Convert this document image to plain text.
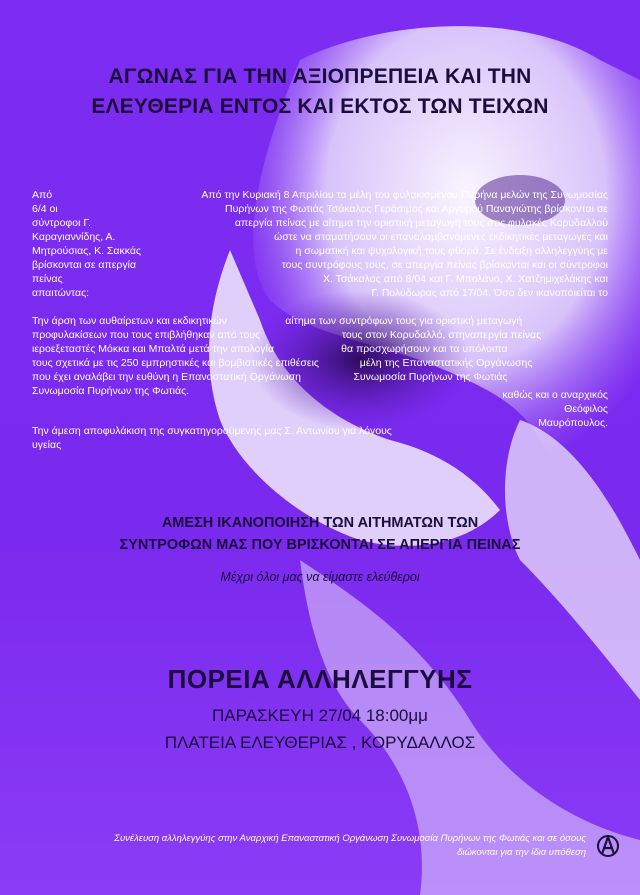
ΑΓΩΝΑΣ ΓΙΑ ΤΗΝ ΑΞΙΟΠΡΕΠΕΙΑ ΚΑΙ ΤΗΝ
ΕΛΕΥΘΕΡΙΑ ΕΝΤΟΣ ΚΑΙ ΕΚΤΟΣ ΤΩΝ ΤΕΙΧΩΝ
Από
6/4 οι
σύντροφοι Γ.
Καραγιαννίδης, Α.
Μητρούσιας, Κ. Σακκάς
βρίσκονται σε απεργία πείνας
απαιτώντας:
Από την Κυριακή 8 Απριλίου τα μέλη του φυλακισμένου Πυρήνα μελών της Συνωμοσίας
Πυρήνων της Φωτιάς Τσάκαλος Γεράσιμος και Αργυρού Παναγιώτης βρίσκονται σε
απεργία πείνας με αίτημα την οριστική μεταγωγή τους στις φυλακές Κορυδαλλού
ώστε να σταματήσουν οι επαναλαμβανόμενες εκδικητικές μεταγωγές και
η σωματική και ψυχολογική τους φθορά. Σε ένδειξη αλληλεγγύης με
τους συντρόφους τους, σε απεργία πείνας βρίσκονται και οι σύντροφοι
Χ. Τσάκαλος από 8/04 και Γ. Μπολάνο, Χ. Χατζημιχελάκης και
Γ. Πολύδωρας από 17/04. Όσο δεν ικανοποιείται το
Την άρση των αυθαίρετων και εκδικητικών                    αίτημα των συντρόφων τους για οριστική μεταγωγή
προφυλακίσεων που τους επιβλήθηκαν από τους                            τους στον Κορυδαλλό, στηναπεργία πείνας
ιεροεξεταστές Μόκκα και Μπαλτά μετά την απολογία                       θα προσχωρήσουν και τα υπόλοιπα
τους σχετικά με τις 250 εμπρηστικές και βομβιστικές επιθέσεις              μέλη της Επαναστατικής Οργάνωσης
που έχει αναλάβει την ευθύνη η Επαναστατική Οργάνωση                  Συνωμοσία Πυρήνων της Φωτιάς
Συνωμοσία Πυρήνων της Φωτιάς.	καθώς και ο αναρχικός
Θεόφιλος
Μαυρόπουλος.
Την άμεση αποφυλάκιση της συγκατηγορούμενης μας Σ. Αντωνίου για λόγους
υγείας
ΑΜΕΣΗ ΙΚΑΝΟΠΟΙΗΣΗ ΤΩΝ ΑΙΤΗΜΑΤΩΝ ΤΩΝ
ΣΥΝΤΡΟΦΩΝ ΜΑΣ ΠΟΥ ΒΡΙΣΚΟΝΤΑΙ ΣΕ ΑΠΕΡΓΙΑ ΠΕΙΝΑΣ
Μέχρι όλοι μας να είμαστε ελεύθεροι
ΠΟΡΕΙΑ ΑΛΛΗΛΕΓΓΥΗΣ
ΠΑΡΑΣΚΕΥΗ 27/04 18:00μμ
ΠΛΑΤΕΙΑ ΕΛΕΥΘΕΡΙΑΣ , ΚΟΡΥΔΑΛΛΟΣ
Συνέλευση αλληλεγγύης στην Αναρχική Επαναστατική Οργάνωση Συνωμοσία Πυρήνων της Φωτιάς και σε όσους
διώκονται για την ίδια υπόθεση
